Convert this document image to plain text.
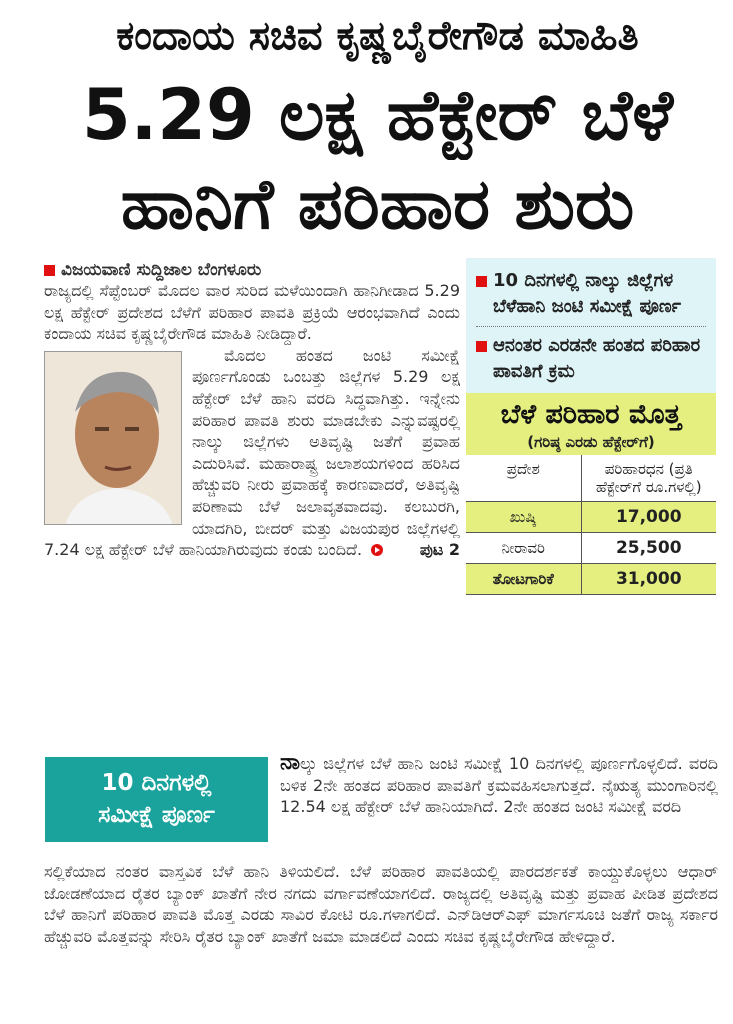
ಕಂದಾಯ ಸಚಿವ ಕೃಷ್ಣಬೈರೇಗೌಡ ಮಾಹಿತಿ
5.29 ಲಕ್ಷ ಹೆಕ್ಟೇರ್ ಬೆಳೆ
ಹಾನಿಗೆ ಪರಿಹಾರ ಶುರು
ವಿಜಯವಾಣಿ ಸುದ್ದಿಜಾಲ ಬೆಂಗಳೂರು

ರಾಜ್ಯದಲ್ಲಿ ಸೆಪ್ಟೆಂಬರ್ ಮೊದಲ ವಾರ ಸುರಿದ ಮಳೆಯಿಂದಾಗಿ ಹಾನಿಗೀಡಾದ 5.29 ಲಕ್ಷ ಹೆಕ್ಟೇರ್ ಪ್ರದೇಶದ ಬೆಳೆಗೆ ಪರಿಹಾರ ಪಾವತಿ ಪ್ರಕ್ರಿಯೆ ಆರಂಭವಾಗಿದೆ ಎಂದು ಕಂದಾಯ ಸಚಿವ ಕೃಷ್ಣಬೈರೇಗೌಡ ಮಾಹಿತಿ ನೀಡಿದ್ದಾರೆ.

ಮೊದಲ ಹಂತದ ಜಂಟಿ ಸಮೀಕ್ಷೆ ಪೂರ್ಣಗೊಂಡು ಒಂಬತ್ತು ಜಿಲ್ಲೆಗಳ 5.29 ಲಕ್ಷ ಹೆಕ್ಟೇರ್ ಬೆಳೆ ಹಾನಿ ವರದಿ ಸಿದ್ಧವಾಗಿತ್ತು. ಇನ್ನೇನು ಪರಿಹಾರ ಪಾವತಿ ಶುರು ಮಾಡಬೇಕು ಎನ್ನುವಷ್ಟರಲ್ಲಿ ನಾಲ್ಕು ಜಿಲ್ಲೆಗಳು ಅತಿವೃಷ್ಟಿ ಜತೆಗೆ ಪ್ರವಾಹ ಎದುರಿಸಿವೆ. ಮಹಾರಾಷ್ಟ್ರ ಜಲಾಶಯಗಳಿಂದ ಹರಿಸಿದ ಹೆಚ್ಚುವರಿ ನೀರು ಪ್ರವಾಹಕ್ಕೆ ಕಾರಣವಾದರೆ, ಅತಿವೃಷ್ಟಿ ಪರಿಣಾಮ ಬೆಳೆ ಜಲಾವೃತವಾದವು. ಕಲಬುರಗಿ, ಯಾದಗಿರಿ, ಬೀದರ್ ಮತ್ತು ವಿಜಯಪುರ ಜಿಲ್ಲೆಗಳಲ್ಲಿ 7.24 ಲಕ್ಷ ಹೆಕ್ಟೇರ್ ಬೆಳೆ ಹಾನಿಯಾಗಿರುವುದು ಕಂಡು ಬಂದಿದೆ.	ಪುಟ 2

10 ದಿನಗಳಲ್ಲಿ ನಾಲ್ಕು ಜಿಲ್ಲೆಗಳ ಬೆಳೆಹಾನಿ ಜಂಟಿ ಸಮೀಕ್ಷೆ ಪೂರ್ಣ
ಆನಂತರ ಎರಡನೇ ಹಂತದ ಪರಿಹಾರ ಪಾವತಿಗೆ ಕ್ರಮ
ಬೆಳೆ ಪರಿಹಾರ ಮೊತ್ತ
(ಗರಿಷ್ಠ ಎರಡು ಹೆಕ್ಟೇರ್‌ಗೆ)
ಪ್ರದೇಶ	ಪರಿಹಾರಧನ (ಪ್ರತಿ ಹೆಕ್ಟೇರ್‌ಗೆ ರೂ.ಗಳಲ್ಲಿ)
ಖುಷ್ಕಿ	17,000
ನೀರಾವರಿ	25,500
ತೋಟಗಾರಿಕೆ	31,000
10 ದಿನಗಳಲ್ಲಿ
ಸಮೀಕ್ಷೆ ಪೂರ್ಣ

ನಾಲ್ಕು ಜಿಲ್ಲೆಗಳ ಬೆಳೆ ಹಾನಿ ಜಂಟಿ ಸಮೀಕ್ಷೆ 10 ದಿನಗಳಲ್ಲಿ ಪೂರ್ಣಗೊಳ್ಳಲಿದೆ. ವರದಿ ಬಳಿಕ 2ನೇ ಹಂತದ ಪರಿಹಾರ ಪಾವತಿಗೆ ಕ್ರಮವಹಿಸಲಾಗುತ್ತದೆ. ನೈಋತ್ಯ ಮುಂಗಾರಿನಲ್ಲಿ 12.54 ಲಕ್ಷ ಹೆಕ್ಟೇರ್ ಬೆಳೆ ಹಾನಿಯಾಗಿದೆ. 2ನೇ ಹಂತದ ಜಂಟಿ ಸಮೀಕ್ಷೆ ವರದಿ

ಸಲ್ಲಿಕೆಯಾದ ನಂತರ ವಾಸ್ತವಿಕ ಬೆಳೆ ಹಾನಿ ತಿಳಿಯಲಿದೆ. ಬೆಳೆ ಪರಿಹಾರ ಪಾವತಿಯಲ್ಲಿ ಪಾರದರ್ಶಕತೆ ಕಾಯ್ದುಕೊಳ್ಳಲು ಆಧಾರ್ ಜೋಡಣೆಯಾದ ರೈತರ ಬ್ಯಾಂಕ್ ಖಾತೆಗೆ ನೇರ ನಗದು ವರ್ಗಾವಣೆಯಾಗಲಿದೆ. ರಾಜ್ಯದಲ್ಲಿ ಅತಿವೃಷ್ಟಿ ಮತ್ತು ಪ್ರವಾಹ ಪೀಡಿತ ಪ್ರದೇಶದ ಬೆಳೆ ಹಾನಿಗೆ ಪರಿಹಾರ ಪಾವತಿ ಮೊತ್ತ ಎರಡು ಸಾವಿರ ಕೋಟಿ ರೂ.ಗಳಾಗಲಿದೆ. ಎನ್‌ಡಿಆರ್‌ಎಫ್ ಮಾರ್ಗಸೂಚಿ ಜತೆಗೆ ರಾಜ್ಯ ಸರ್ಕಾರ ಹೆಚ್ಚುವರಿ ಮೊತ್ತವನ್ನು ಸೇರಿಸಿ ರೈತರ ಬ್ಯಾಂಕ್ ಖಾತೆಗೆ ಜಮಾ ಮಾಡಲಿದೆ ಎಂದು ಸಚಿವ ಕೃಷ್ಣಬೈರೇಗೌಡ ಹೇಳಿದ್ದಾರೆ.
